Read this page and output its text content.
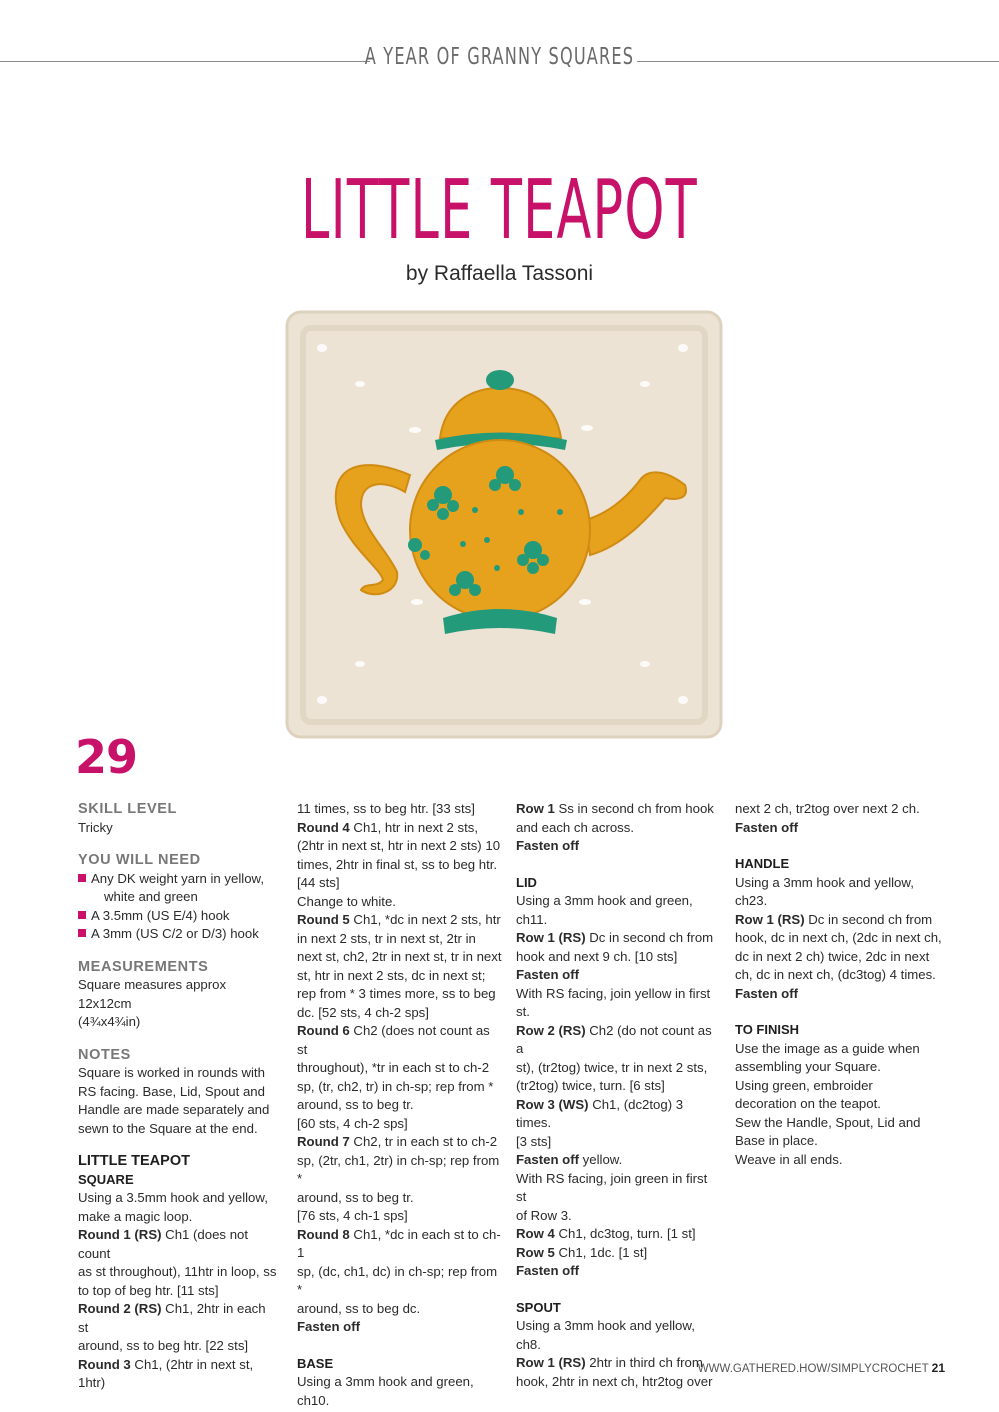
A YEAR OF GRANNY SQUARES
LITTLE TEAPOT
by Raffaella Tassoni
29

SKILL LEVEL

Tricky

YOU WILL NEED

Any DK weight yarn in yellow,
white and green

A 3.5mm (US E/4) hook

A 3mm (US C/2 or D/3) hook

MEASUREMENTS

Square measures approx 12x12cm

(4¾x4¾in)

NOTES

Square is worked in rounds with

RS facing. Base, Lid, Spout and

Handle are made separately and

sewn to the Square at the end.

LITTLE TEAPOT

SQUARE

Using a 3.5mm hook and yellow,

make a magic loop.

Round 1 (RS) Ch1 (does not count

as st throughout), 11htr in loop, ss

to top of beg htr. [11 sts]

Round 2 (RS) Ch1, 2htr in each st

around, ss to beg htr. [22 sts]

Round 3 Ch1, (2htr in next st, 1htr)

11 times, ss to beg htr. [33 sts]

Round 4 Ch1, htr in next 2 sts,

(2htr in next st, htr in next 2 sts) 10

times, 2htr in final st, ss to beg htr.

[44 sts]

Change to white.

Round 5 Ch1, *dc in next 2 sts, htr

in next 2 sts, tr in next st, 2tr in

next st, ch2, 2tr in next st, tr in next

st, htr in next 2 sts, dc in next st;

rep from * 3 times more, ss to beg

dc. [52 sts, 4 ch-2 sps]

Round 6 Ch2 (does not count as st

throughout), *tr in each st to ch-2

sp, (tr, ch2, tr) in ch-sp; rep from *

around, ss to beg tr.

[60 sts, 4 ch-2 sps]

Round 7 Ch2, tr in each st to ch-2

sp, (2tr, ch1, 2tr) in ch-sp; rep from *

around, ss to beg tr.

[76 sts, 4 ch-1 sps]

Round 8 Ch1, *dc in each st to ch-1

sp, (dc, ch1, dc) in ch-sp; rep from *

around, ss to beg dc.

Fasten off

BASE

Using a 3mm hook and green,

ch10.

Row 1 Ss in second ch from hook

and each ch across.

Fasten off

LID

Using a 3mm hook and green,

ch11.

Row 1 (RS) Dc in second ch from

hook and next 9 ch. [10 sts]

Fasten off

With RS facing, join yellow in first

st.

Row 2 (RS) Ch2 (do not count as a

st), (tr2tog) twice, tr in next 2 sts,

(tr2tog) twice, turn. [6 sts]

Row 3 (WS) Ch1, (dc2tog) 3 times.

[3 sts]

Fasten off yellow.

With RS facing, join green in first st

of Row 3.

Row 4 Ch1, dc3tog, turn. [1 st]

Row 5 Ch1, 1dc. [1 st]

Fasten off

SPOUT

Using a 3mm hook and yellow,

ch8.

Row 1 (RS) 2htr in third ch from

hook, 2htr in next ch, htr2tog over

next 2 ch, tr2tog over next 2 ch.

Fasten off

HANDLE

Using a 3mm hook and yellow,

ch23.

Row 1 (RS) Dc in second ch from

hook, dc in next ch, (2dc in next ch,

dc in next 2 ch) twice, 2dc in next

ch, dc in next ch, (dc3tog) 4 times.

Fasten off

TO FINISH

Use the image as a guide when

assembling your Square.

Using green, embroider

decoration on the teapot.

Sew the Handle, Spout, Lid and

Base in place.

Weave in all ends.

WWW.GATHERED.HOW/SIMPLYCROCHET 21
